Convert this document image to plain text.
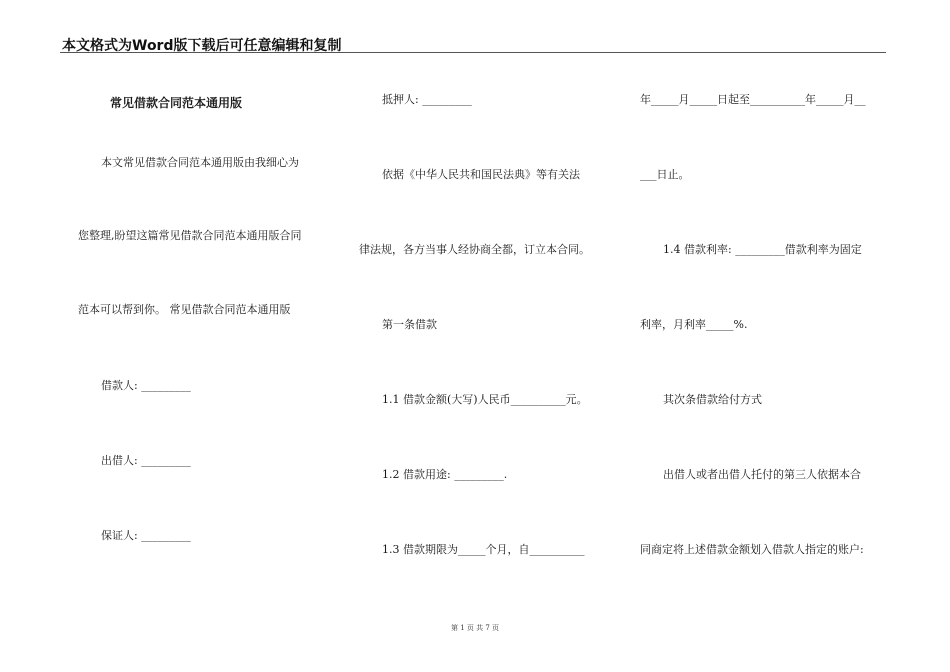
本文格式为Word版下载后可任意编辑和复制
常见借款合同范本通用版
本文常见借款合同范本通用版由我细心为
您整理,盼望这篇常见借款合同范本通用版合同
范本可以帮到你。 常见借款合同范本通用版
借款人: _________
出借人: _________
保证人: _________
抵押人: _________
依据《中华人民共和国民法典》等有关法
律法规，各方当事人经协商全都，订立本合同。
第一条借款
1.1 借款金额(大写)人民币__________元。
1.2 借款用途: _________.
1.3 借款期限为_____个月，自__________
年_____月_____日起至__________年_____月__
___日止。
1.4 借款利率: _________借款利率为固定
利率，月利率_____%.
其次条借款给付方式
出借人或者出借人托付的第三人依据本合
同商定将上述借款金额划入借款人指定的账户:
第 1 页 共 7 页
